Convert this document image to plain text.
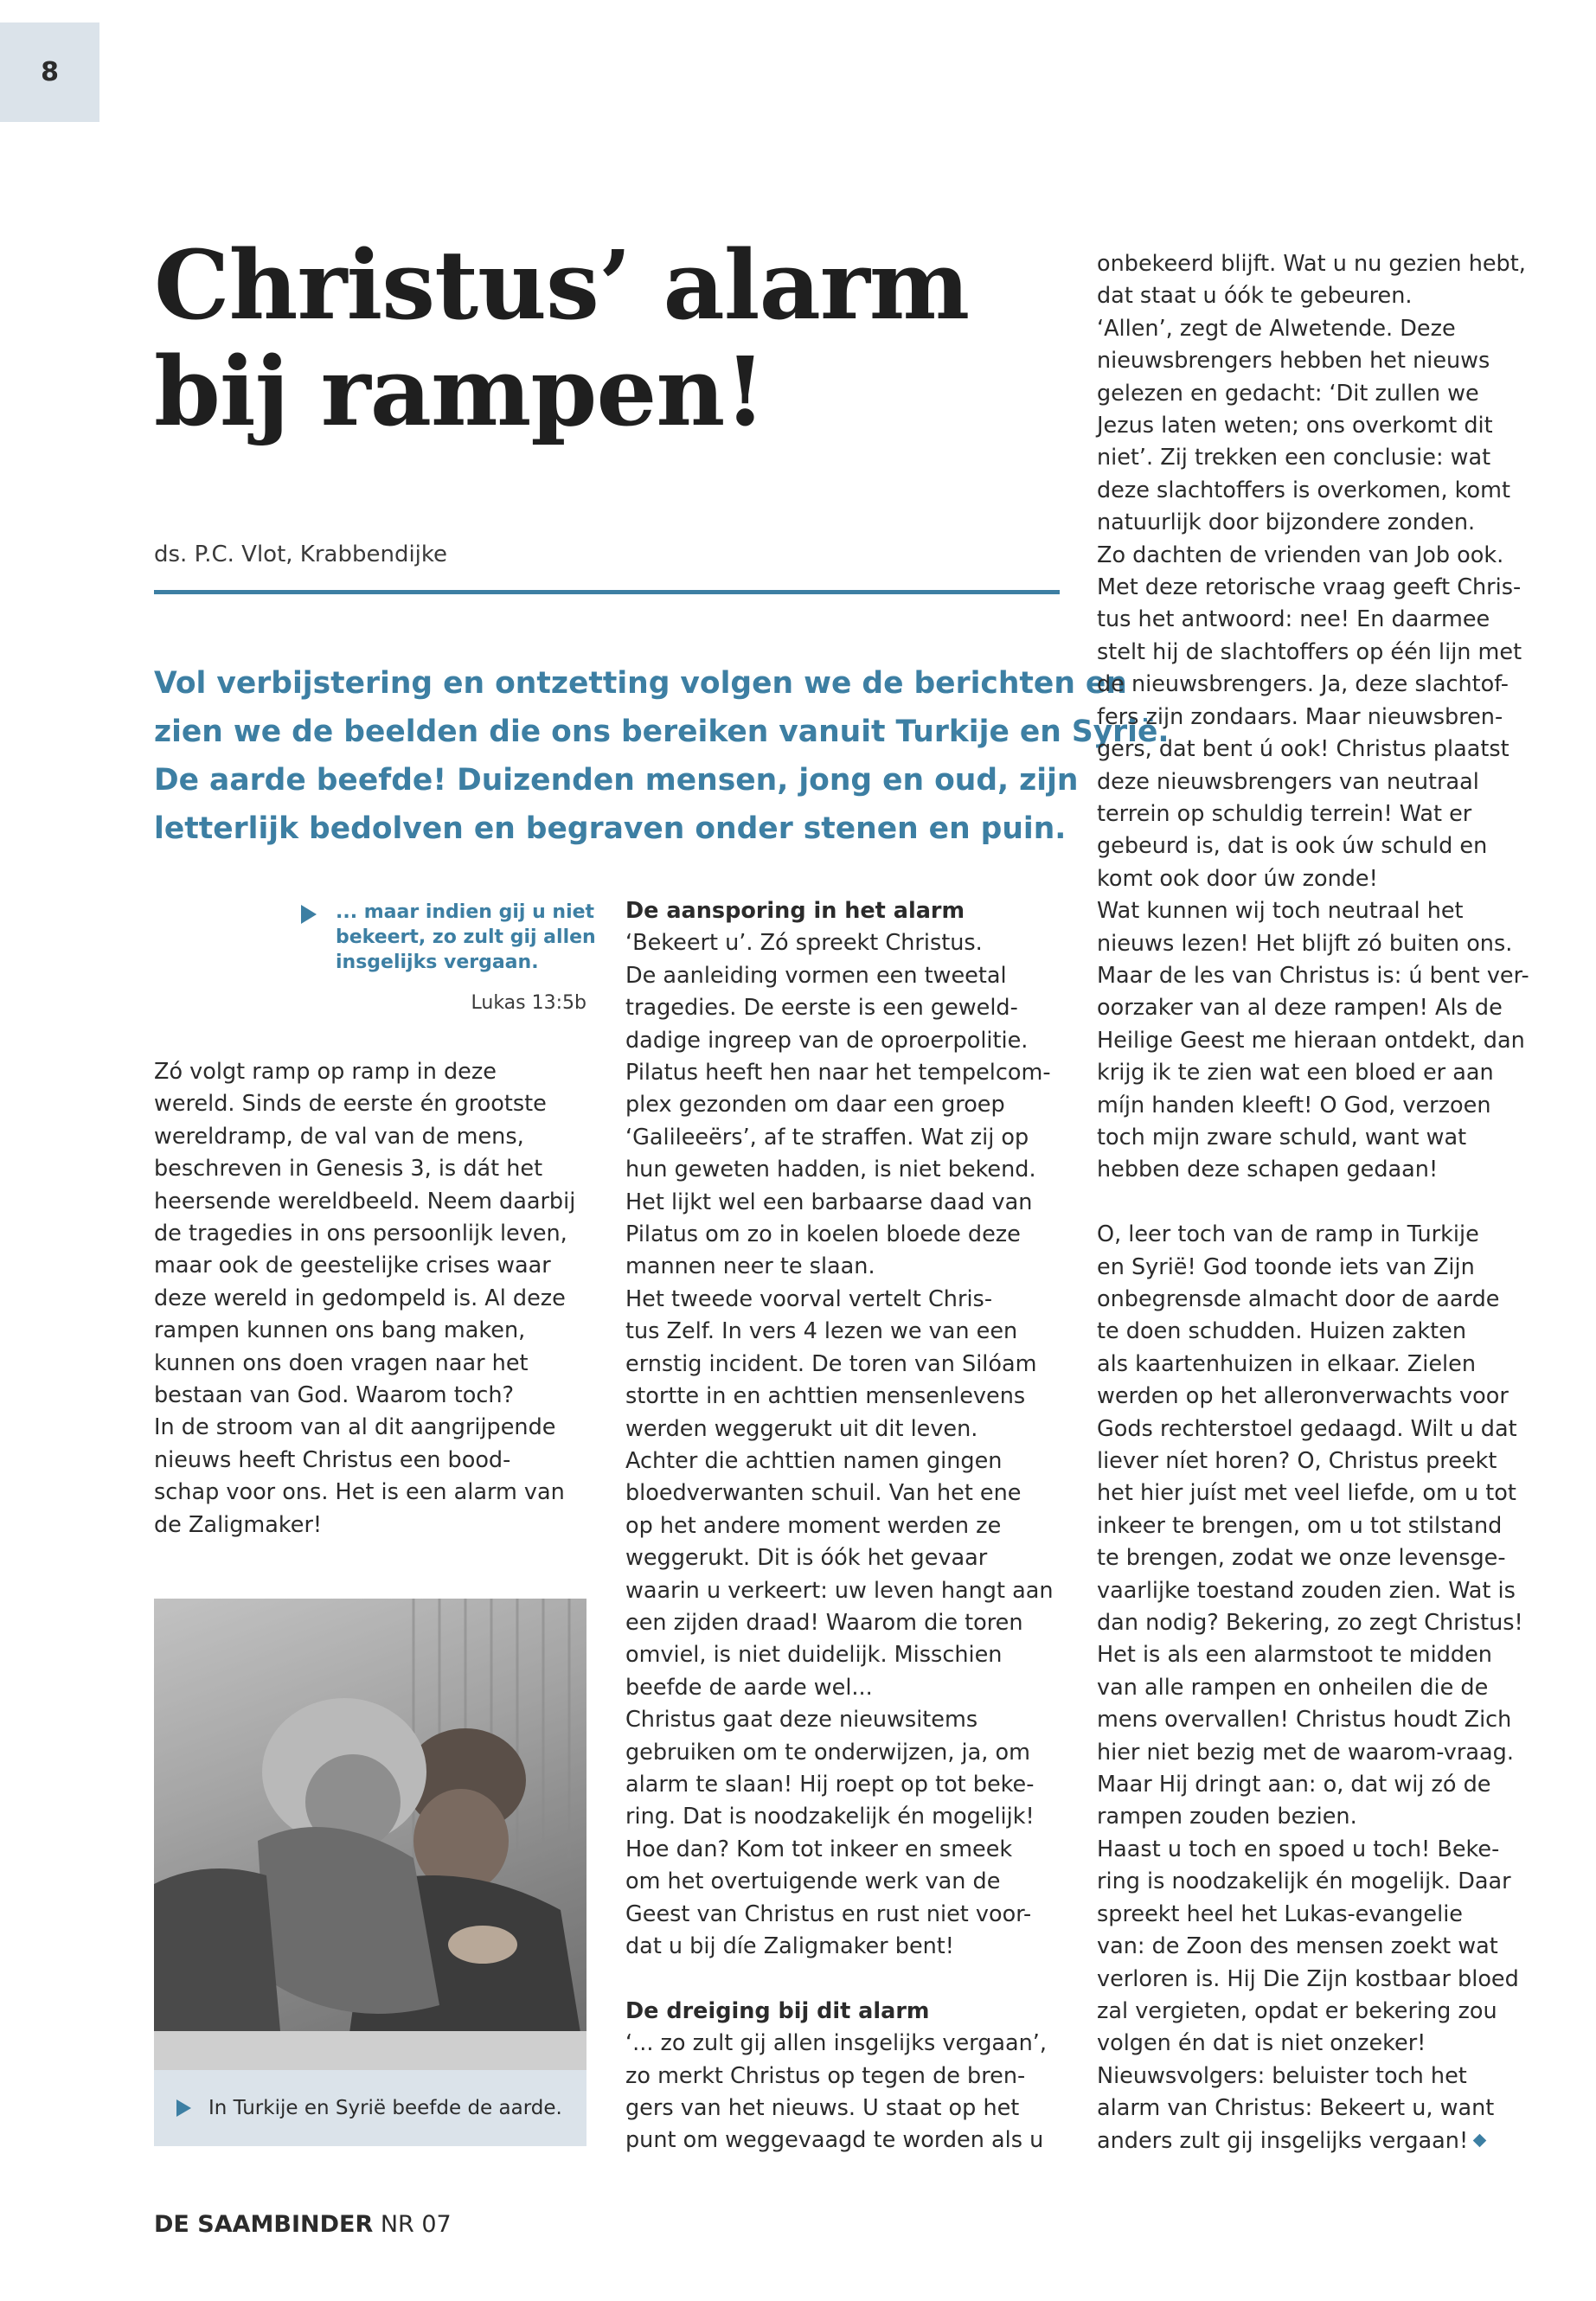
8
Christus’ alarm
bij rampen!
ds. P.C. Vlot, Krabbendijke

Vol verbijstering en ontzetting volgen we de berichten en
zien we de beelden die ons bereiken vanuit Turkije en Syrië.
De aarde beefde! Duizenden mensen, jong en oud, zijn
letterlijk bedolven en begraven onder stenen en puin.

... maar indien gij u niet
bekeert, zo zult gij allen
insgelijks vergaan.
Lukas 13:5b
Zó volgt ramp op ramp in deze
wereld. Sinds de eerste én grootste
wereldramp, de val van de mens,
beschreven in Genesis 3, is dát het
heersende wereldbeeld. Neem daarbij
de tragedies in ons persoonlijk leven,
maar ook de geestelijke crises waar
deze wereld in gedompeld is. Al deze
rampen kunnen ons bang maken,
kunnen ons doen vragen naar het
bestaan van God. Waarom toch?
In de stroom van al dit aangrijpende
nieuws heeft Christus een bood-
schap voor ons. Het is een alarm van
de Zaligmaker!
In Turkije en Syrië beefde de aarde.
De aansporing in het alarm
‘Bekeert u’. Zó spreekt Christus.
De aanleiding vormen een tweetal
tragedies. De eerste is een geweld-
dadige ingreep van de oproerpolitie.
Pilatus heeft hen naar het tempelcom-
plex gezonden om daar een groep
‘Galileeërs’, af te straffen. Wat zij op
hun geweten hadden, is niet bekend.
Het lijkt wel een barbaarse daad van
Pilatus om zo in koelen bloede deze
mannen neer te slaan.
Het tweede voorval vertelt Chris-
tus Zelf. In vers 4 lezen we van een
ernstig incident. De toren van Silóam
stortte in en achttien mensenlevens
werden weggerukt uit dit leven.
Achter die achttien namen gingen
bloedverwanten schuil. Van het ene
op het andere moment werden ze
weggerukt. Dit is óók het gevaar
waarin u verkeert: uw leven hangt aan
een zijden draad! Waarom die toren
omviel, is niet duidelijk. Misschien
beefde de aarde wel...
Christus gaat deze nieuwsitems
gebruiken om te onderwijzen, ja, om
alarm te slaan! Hij roept op tot beke-
ring. Dat is noodzakelijk én mogelijk!
Hoe dan? Kom tot inkeer en smeek
om het overtuigende werk van de
Geest van Christus en rust niet voor-
dat u bij díe Zaligmaker bent!
De dreiging bij dit alarm
‘... zo zult gij allen insgelijks vergaan’,
zo merkt Christus op tegen de bren-
gers van het nieuws. U staat op het
punt om weggevaagd te worden als u
onbekeerd blijft. Wat u nu gezien hebt,
dat staat u óók te gebeuren.
‘Allen’, zegt de Alwetende. Deze
nieuwsbrengers hebben het nieuws
gelezen en gedacht: ‘Dit zullen we
Jezus laten weten; ons overkomt dit
niet’. Zij trekken een conclusie: wat
deze slachtoffers is overkomen, komt
natuurlijk door bijzondere zonden.
Zo dachten de vrienden van Job ook.
Met deze retorische vraag geeft Chris-
tus het antwoord: nee! En daarmee
stelt hij de slachtoffers op één lijn met
de nieuwsbrengers. Ja, deze slachtof-
fers zijn zondaars. Maar nieuwsbren-
gers, dat bent ú ook! Christus plaatst
deze nieuwsbrengers van neutraal
terrein op schuldig terrein! Wat er
gebeurd is, dat is ook úw schuld en
komt ook door úw zonde!
Wat kunnen wij toch neutraal het
nieuws lezen! Het blijft zó buiten ons.
Maar de les van Christus is: ú bent ver-
oorzaker van al deze rampen! Als de
Heilige Geest me hieraan ontdekt, dan
krijg ik te zien wat een bloed er aan
míjn handen kleeft! O God, verzoen
toch mijn zware schuld, want wat
hebben deze schapen gedaan!
O, leer toch van de ramp in Turkije
en Syrië! God toonde iets van Zijn
onbegrensde almacht door de aarde
te doen schudden. Huizen zakten
als kaartenhuizen in elkaar. Zielen
werden op het alleronverwachts voor
Gods rechterstoel gedaagd. Wilt u dat
liever níet horen? O, Christus preekt
het hier juíst met veel liefde, om u tot
inkeer te brengen, om u tot stilstand
te brengen, zodat we onze levensge-
vaarlijke toestand zouden zien. Wat is
dan nodig? Bekering, zo zegt Christus!
Het is als een alarmstoot te midden
van alle rampen en onheilen die de
mens overvallen! Christus houdt Zich
hier niet bezig met de waarom-vraag.
Maar Hij dringt aan: o, dat wij zó de
rampen zouden bezien.
Haast u toch en spoed u toch! Beke-
ring is noodzakelijk én mogelijk. Daar
spreekt heel het Lukas-evangelie
van: de Zoon des mensen zoekt wat
verloren is. Hij Die Zijn kostbaar bloed
zal vergieten, opdat er bekering zou
volgen én dat is niet onzeker!
Nieuwsvolgers: beluister toch het
alarm van Christus: Bekeert u, want
anders zult gij insgelijks vergaan!
DE SAAMBINDER NR 07
